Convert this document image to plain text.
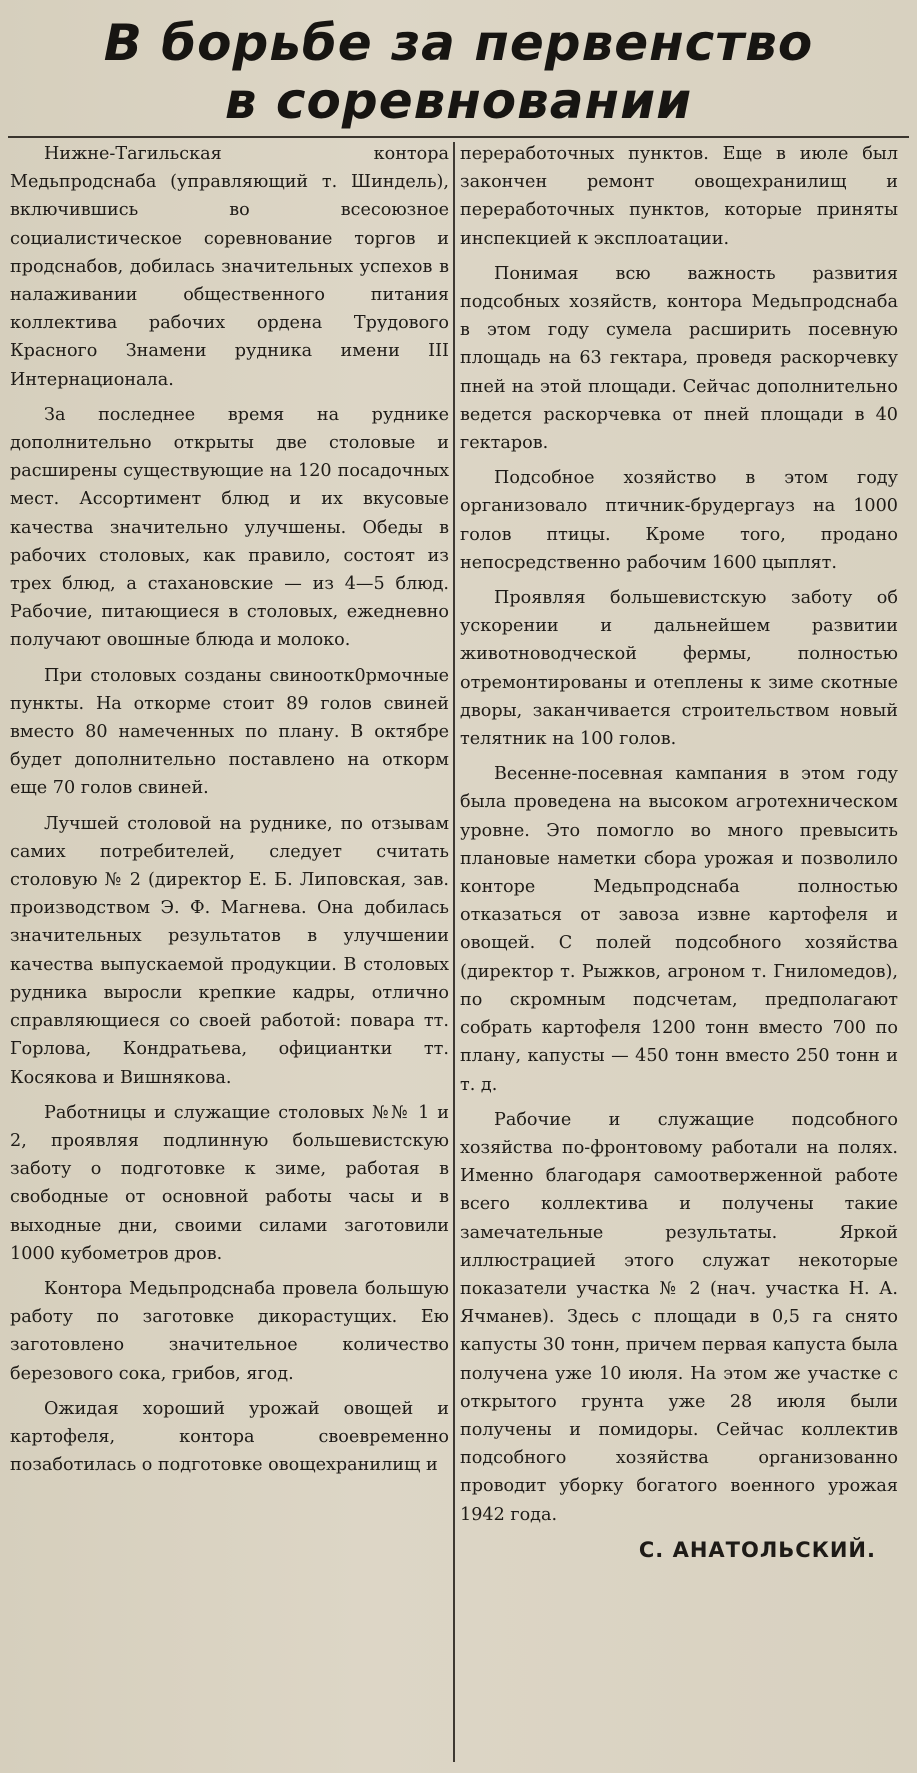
В борьбе за первенство
в соревновании

Нижне-Тагильская контора Медьпродснаба (управляющий т. Шиндель), включившись во всесоюзное социалистическое соревнование торгов и продснабов, добилась значительных успехов в налаживании общественного питания коллектива рабочих ордена Трудового Красного Знамени рудника имени III Интернационала.

За последнее время на руднике дополнительно открыты две столовые и расширены существующие на 120 посадочных мест. Ассортимент блюд и их вкусовые качества значительно улучшены. Обеды в рабочих столовых, как правило, состоят из трех блюд, а стахановские — из 4—5 блюд. Рабочие, питающиеся в столовых, ежедневно получают овошные блюда и молоко.

При столовых созданы свиноотк0рмочные пункты. На откорме стоит 89 голов свиней вместо 80 намеченных по плану. В октябре будет дополнительно поставлено на откорм еще 70 голов свиней.

Лучшей столовой на руднике, по отзывам самих потребителей, следует считать столовую № 2 (директор Е. Б. Липовская, зав. производством Э. Ф. Магнева. Она добилась значительных результатов в улучшении качества выпускаемой продукции. В столовых рудника выросли крепкие кадры, отлично справляющиеся со своей работой: повара тт. Горлова, Кондратьева, официантки тт. Косякова и Вишнякова.

Работницы и служащие столовых №№ 1 и 2, проявляя подлинную большевистскую заботу о подготовке к зиме, работая в свободные от основной работы часы и в выходные дни, своими силами заготовили 1000 кубометров дров.

Контора Медьпродснаба провела большую работу по заготовке дикорастущих. Ею заготовлено значительное количество березового сока, грибов, ягод.

Ожидая хороший урожай овощей и картофеля, контора своевременно позаботилась о подготовке овощехранилищ и

переработочных пунктов. Еще в июле был закончен ремонт овощехранилищ и переработочных пунктов, которые приняты инспекцией к эксплоатации.

Понимая всю важность развития подсобных хозяйств, контора Медьпродснаба в этом году сумела расширить посевную площадь на 63 гектара, проведя раскорчевку пней на этой площади. Сейчас дополнительно ведется раскорчевка от пней площади в 40 гектаров.

Подсобное хозяйство в этом году организовало птичник-брудергауз на 1000 голов птицы. Кроме того, продано непосредственно рабочим 1600 цыплят.

Проявляя большевистскую заботу об ускорении и дальнейшем развитии животноводческой фермы, полностью отремонтированы и отеплены к зиме скотные дворы, заканчивается строительством новый телятник на 100 голов.

Весенне-посевная кампания в этом году была проведена на высоком агротехническом уровне. Это помогло во много превысить плановые наметки сбора урожая и позволило конторе Медьпродснаба полностью отказаться от завоза извне картофеля и овощей. С полей подсобного хозяйства (директор т. Рыжков, агроном т. Гниломедов), по скромным подсчетам, предполагают собрать картофеля 1200 тонн вместо 700 по плану, капусты — 450 тонн вместо 250 тонн и т. д.

Рабочие и служащие подсобного хозяйства по-фронтовому работали на полях. Именно благодаря самоотверженной работе всего коллектива и получены такие замечательные результаты. Яркой иллюстрацией этого служат некоторые показатели участка № 2 (нач. участка Н. А. Ячманев). Здесь с площади в 0,5 га снято капусты 30 тонн, причем первая капуста была получена уже 10 июля. На этом же участке с открытого грунта уже 28 июля были получены и помидоры. Сейчас коллектив подсобного хозяйства организованно проводит уборку богатого военного урожая 1942 года.

С. АНАТОЛЬСКИЙ.
